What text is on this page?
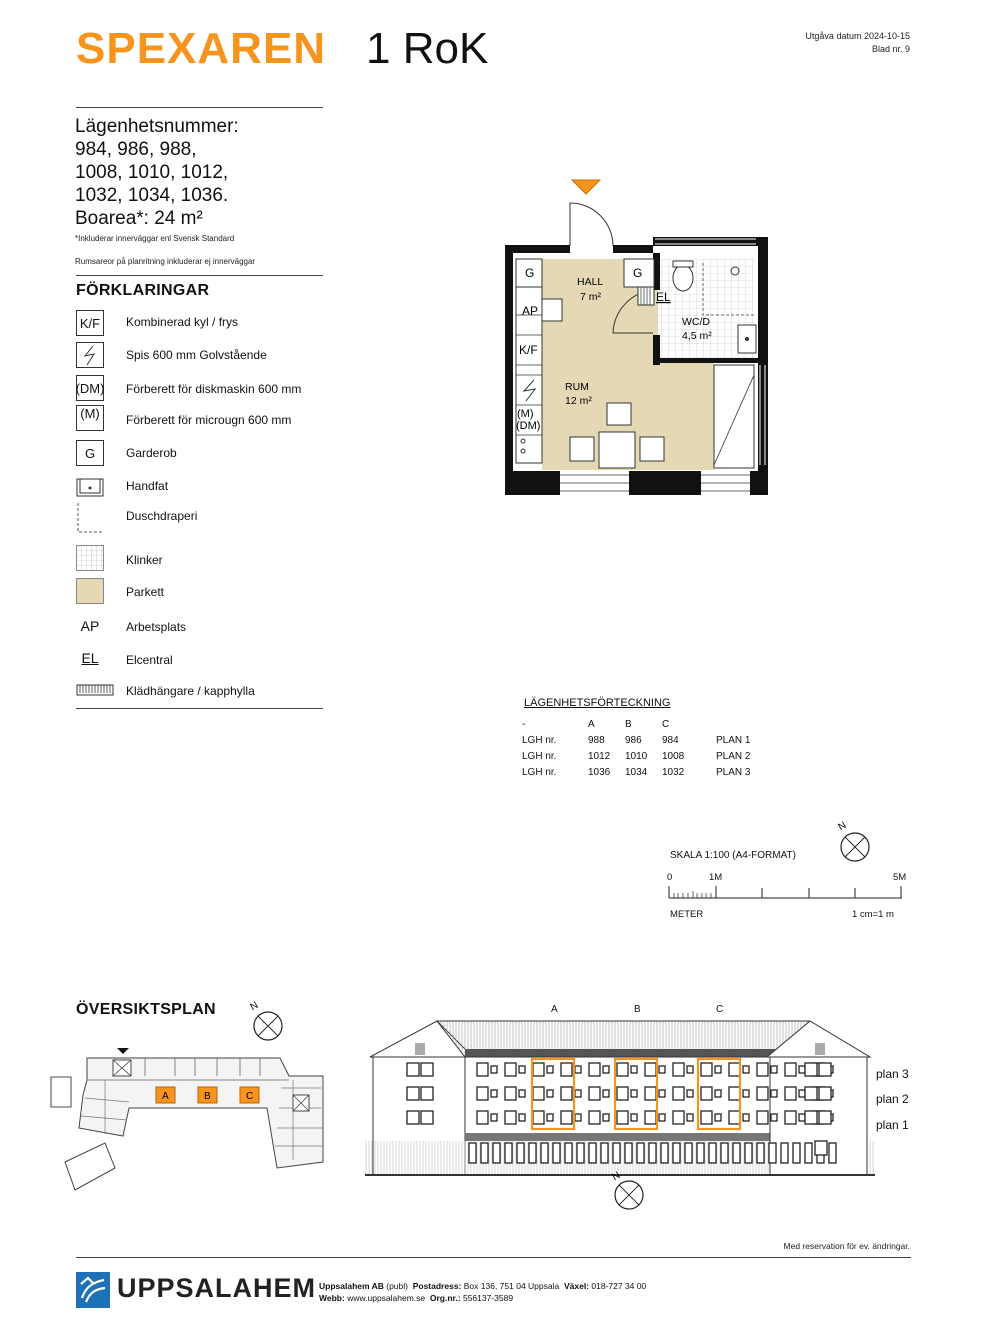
SPEXAREN 1 RoK	Utgåva datum 2024-10-15
Blad nr. 9
Lägenhetsnummer:
984, 986, 988,
1008, 1010, 1012,
1032, 1034, 1036.
Boarea*: 24 m²
*Inkluderar innerväggar enl Svensk Standard
Rumsareor på planritning inkluderar ej innerväggar
FÖRKLARINGAR
K/F	Kombinerad kyl / frys
Spis 600 mm Golvstående
(DM) Förberett för diskmaskin 600 mm
(M)	Förberett för microugn 600 mm
G	Garderob
Handfat
Duschdraperi
Klinker
Parkett
AP	Arbetsplats
EL	Elcentral
Klädhängare / kapphylla
HALL
7 m²
WC/D
4,5 m²
RUM
12 m²
G	G
AP
K/F
(M)
(DM)
EL
LÄGENHETSFÖRTECKNING
-	A	B	C	
LGH nr.	988	986	984	PLAN 1
LGH nr.	1012	1010	1008	PLAN 2
LGH nr.	1036	1034	1032	PLAN 3
SKALA 1:100 (A4-FORMAT)
N
0	1M	5M
METER	1 cm=1 m
ÖVERSIKTSPLAN	N
A	B	C
A	B	C
plan 3
plan 2
plan 1
N
Med reservation för ev. ändringar.
UPPSALAHEM Uppsalahem AB (publ) Postadress: Box 136, 751 04 Uppsala Växel: 018-727 34 00
Webb: www.uppsalahem.se Org.nr.: 556137-3589
